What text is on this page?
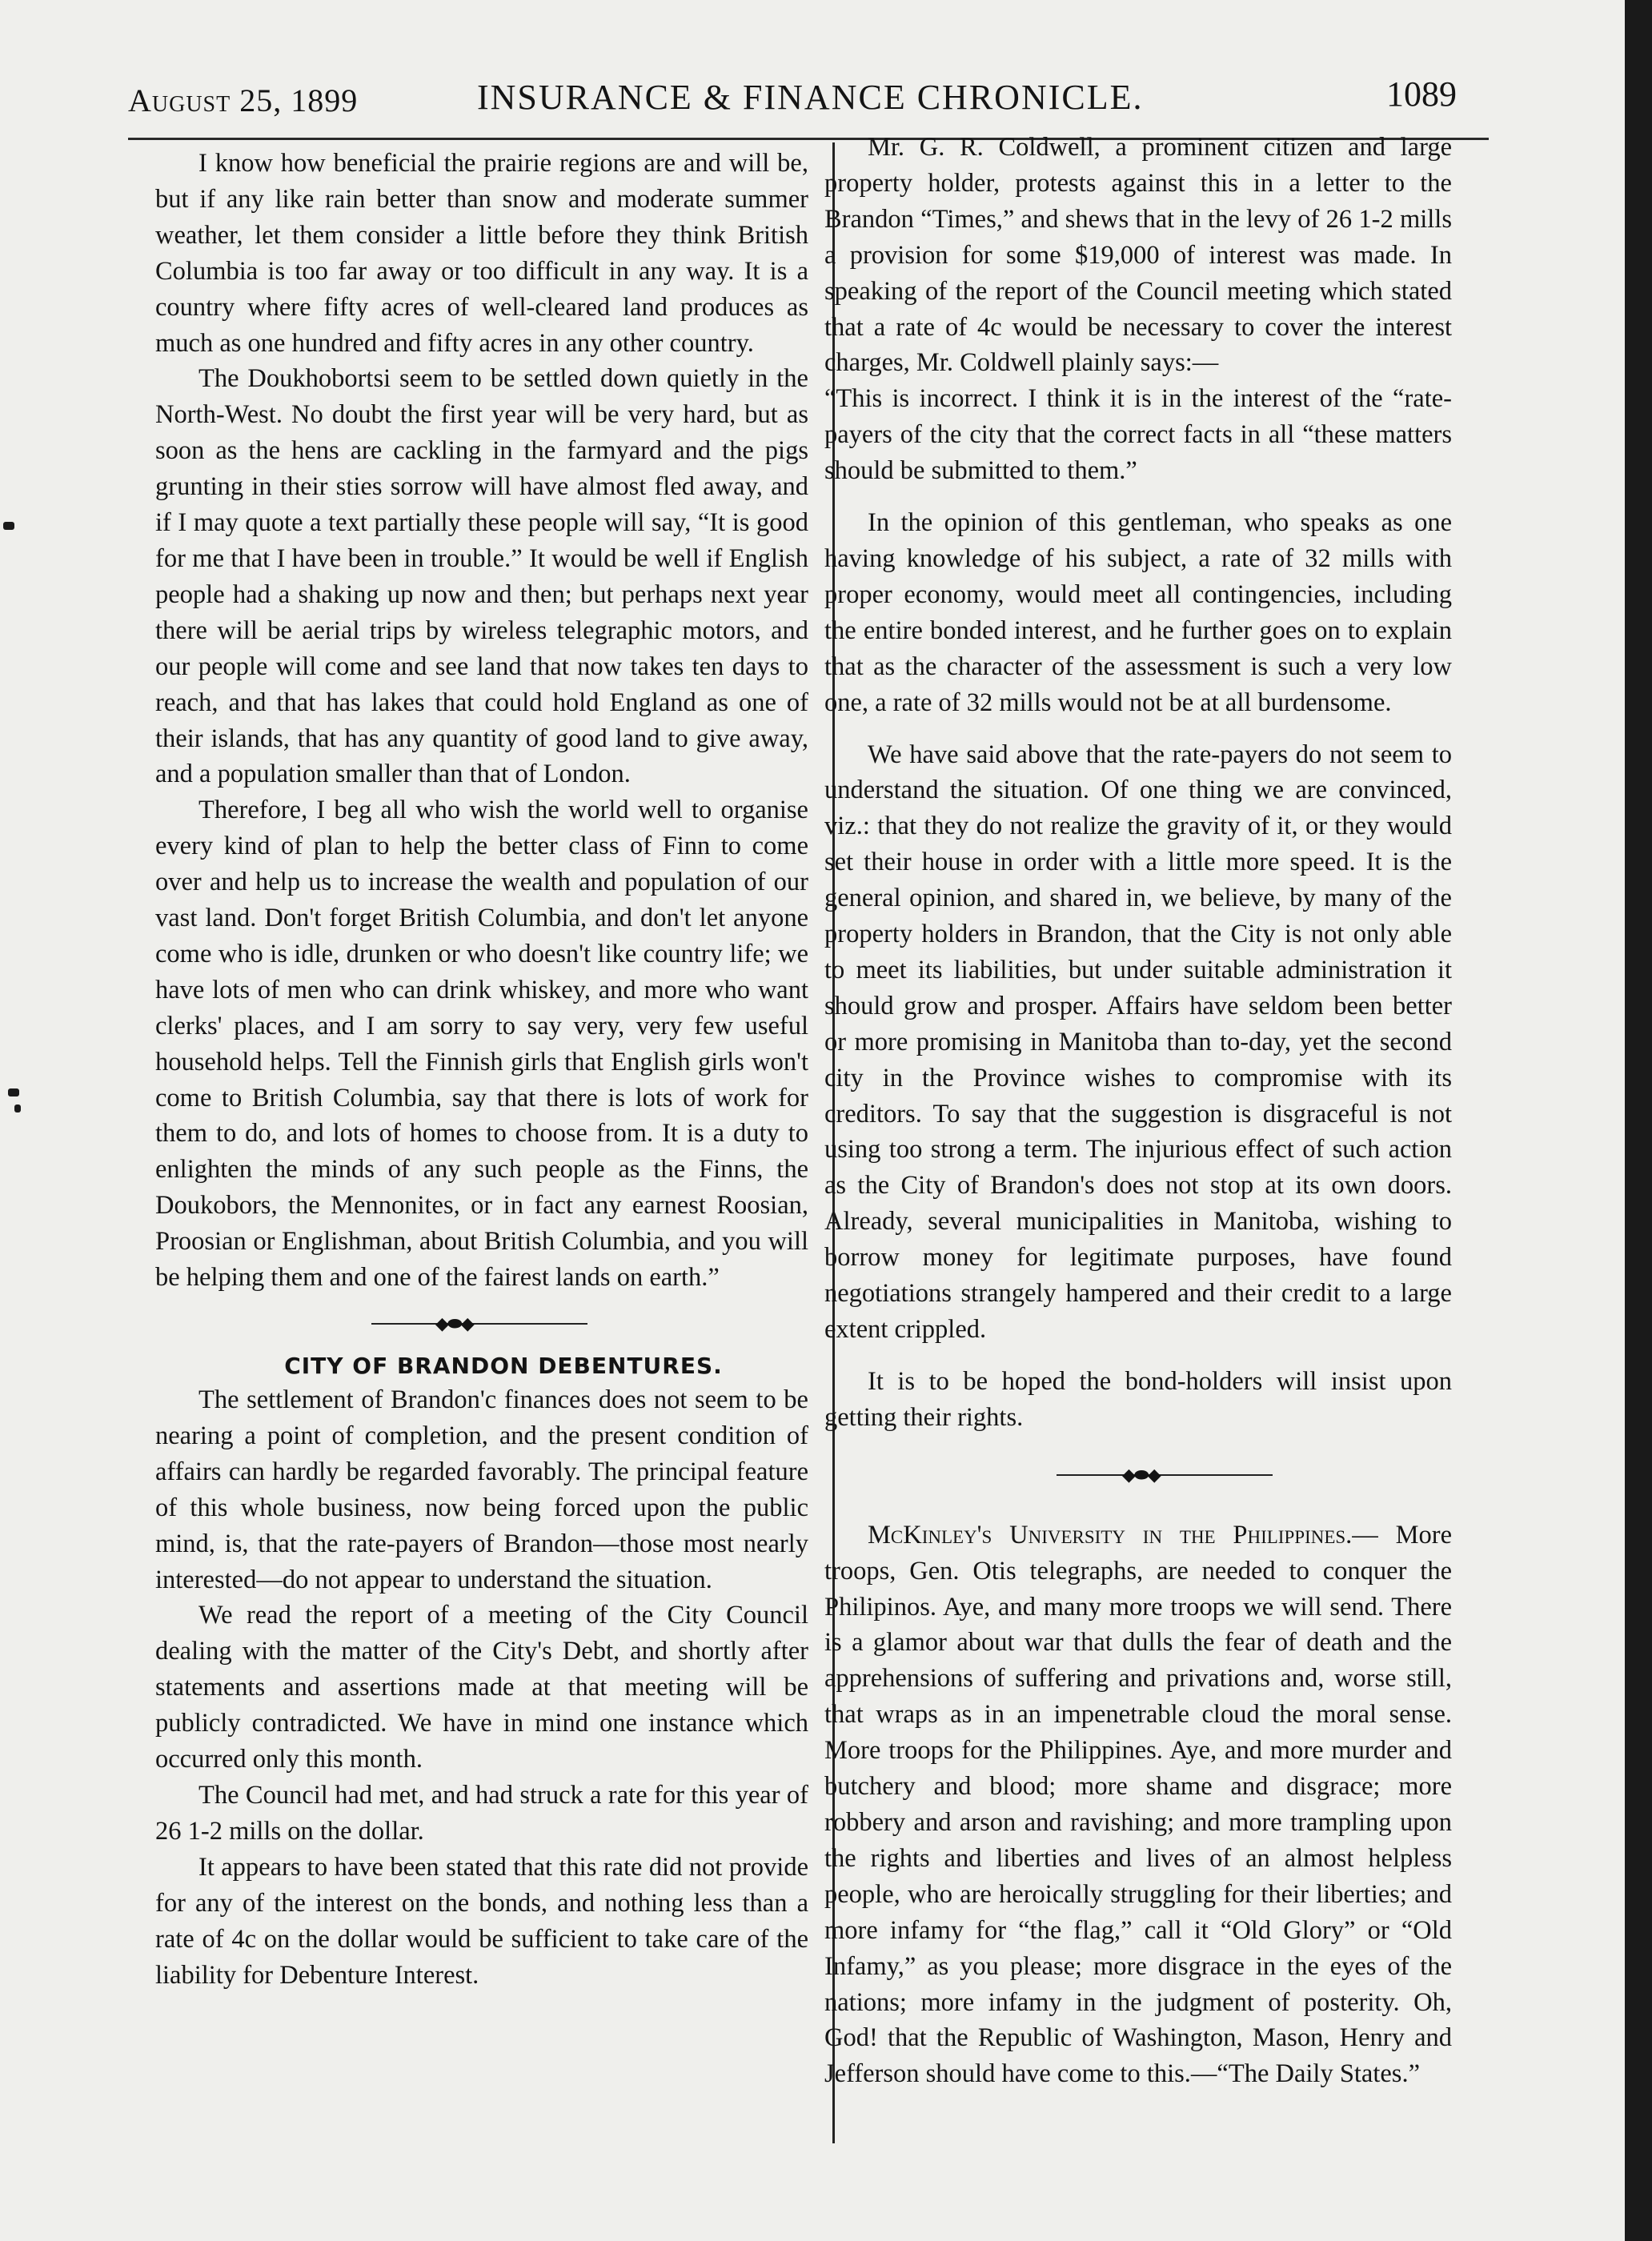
August 25, 1899	INSURANCE & FINANCE CHRONICLE.	1089

I know how beneficial the prairie regions are and will be, but if any like rain better than snow and moderate summer weather, let them consider a little before they think British Columbia is too far away or too difficult in any way. It is a country where fifty acres of well-cleared land produces as much as one hundred and fifty acres in any other country.

The Doukhobortsi seem to be settled down quietly in the North-West. No doubt the first year will be very hard, but as soon as the hens are cackling in the farmyard and the pigs grunting in their sties sorrow will have almost fled away, and if I may quote a text partially these people will say, “It is good for me that I have been in trouble.” It would be well if English people had a shaking up now and then; but perhaps next year there will be aerial trips by wireless telegraphic motors, and our people will come and see land that now takes ten days to reach, and that has lakes that could hold England as one of their islands, that has any quantity of good land to give away, and a population smaller than that of London.

Therefore, I beg all who wish the world well to organise every kind of plan to help the better class of Finn to come over and help us to increase the wealth and population of our vast land. Don't forget British Columbia, and don't let anyone come who is idle, drunken or who doesn't like country life; we have lots of men who can drink whiskey, and more who want clerks' places, and I am sorry to say very, very few useful household helps. Tell the Finnish girls that English girls won't come to British Columbia, say that there is lots of work for them to do, and lots of homes to choose from. It is a duty to enlighten the minds of any such people as the Finns, the Doukobors, the Mennonites, or in fact any earnest Roosian, Proosian or Englishman, about British Columbia, and you will be helping them and one of the fairest lands on earth.”

◆⬬◆

CITY OF BRANDON DEBENTURES.

The settlement of Brandon'c finances does not seem to be nearing a point of completion, and the present condition of affairs can hardly be regarded favorably. The principal feature of this whole business, now being forced upon the public mind, is, that the rate-payers of Brandon—those most nearly interested—do not appear to understand the situation.

We read the report of a meeting of the City Council dealing with the matter of the City's Debt, and shortly after statements and assertions made at that meeting will be publicly contradicted. We have in mind one instance which occurred only this month.

The Council had met, and had struck a rate for this year of 26 1-2 mills on the dollar.

It appears to have been stated that this rate did not provide for any of the interest on the bonds, and nothing less than a rate of 4c on the dollar would be sufficient to take care of the liability for Debenture Interest.

Mr. G. R. Coldwell, a prominent citizen and large property holder, protests against this in a letter to the Brandon “Times,” and shews that in the levy of 26 1-2 mills a provision for some $19,000 of interest was made. In speaking of the report of the Council meeting which stated that a rate of 4c would be necessary to cover the interest charges, Mr. Coldwell plainly says:—

“This is incorrect. I think it is in the interest of the “rate-payers of the city that the correct facts in all “these matters should be submitted to them.”

In the opinion of this gentleman, who speaks as one having knowledge of his subject, a rate of 32 mills with proper economy, would meet all contingencies, including the entire bonded interest, and he further goes on to explain that as the character of the assessment is such a very low one, a rate of 32 mills would not be at all burdensome.

We have said above that the rate-payers do not seem to understand the situation. Of one thing we are convinced, viz.: that they do not realize the gravity of it, or they would set their house in order with a little more speed. It is the general opinion, and shared in, we believe, by many of the property holders in Brandon, that the City is not only able to meet its liabilities, but under suitable administration it should grow and prosper. Affairs have seldom been better or more promising in Manitoba than to-day, yet the second city in the Province wishes to compromise with its creditors. To say that the suggestion is disgraceful is not using too strong a term. The injurious effect of such action as the City of Brandon's does not stop at its own doors. Already, several municipalities in Manitoba, wishing to borrow money for legitimate purposes, have found negotiations strangely hampered and their credit to a large extent crippled.

It is to be hoped the bond-holders will insist upon getting their rights.

◆⬬◆

McKinley's University in the Philippines.— More troops, Gen. Otis telegraphs, are needed to conquer the Philipinos. Aye, and many more troops we will send. There is a glamor about war that dulls the fear of death and the apprehensions of suffering and privations and, worse still, that wraps as in an impenetrable cloud the moral sense. More troops for the Philippines. Aye, and more murder and butchery and blood; more shame and disgrace; more robbery and arson and ravishing; and more trampling upon the rights and liberties and lives of an almost helpless people, who are heroically struggling for their liberties; and more infamy for “the flag,” call it “Old Glory” or “Old Infamy,” as you please; more disgrace in the eyes of the nations; more infamy in the judgment of posterity. Oh, God! that the Republic of Washington, Mason, Henry and Jefferson should have come to this.—“The Daily States.”
